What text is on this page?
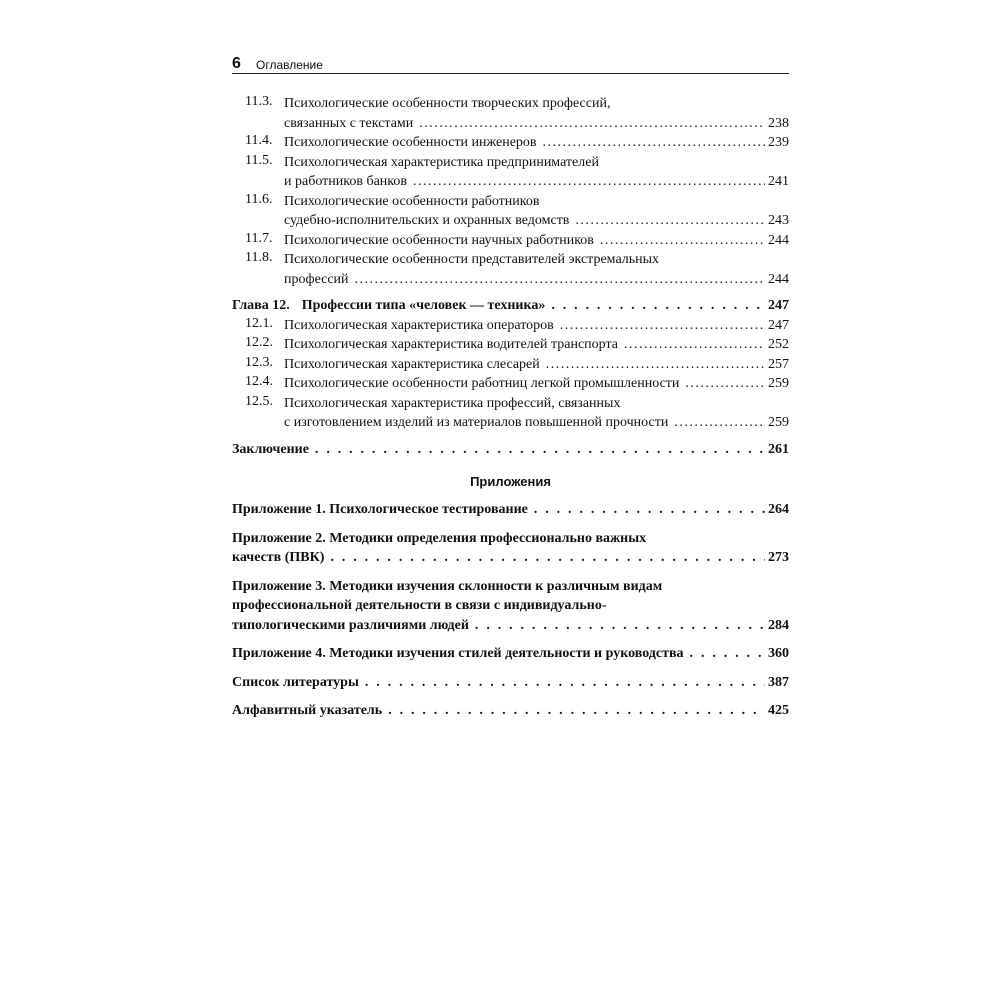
6	Оглавление
11.3. Психологические особенности творческих профессий,
связанных с текстами .....	238
11.4. Психологические особенности инженеров .....	239
11.5. Психологическая характеристика предпринимателей
и работников банков .....	241
11.6. Психологические особенности работников
судебно-исполнительских и охранных ведомств .....	243
11.7. Психологические особенности научных работников .....	244
11.8. Психологические особенности представителей экстремальных
профессий .....	244
Глава 12. Профессии типа «человек — техника» . . .	247
12.1. Психологическая характеристика операторов .....	247
12.2. Психологическая характеристика водителей транспорта .....	252
12.3. Психологическая характеристика слесарей .....	257
12.4. Психологические особенности работниц легкой промышленности .....	259
12.5. Психологическая характеристика профессий, связанных
с изготовлением изделий из материалов повышенной прочности .....	259
Заключение . . .	261
Приложения
Приложение 1. Психологическое тестирование . . .	264
Приложение 2. Методики определения профессионально важных
качеств (ПВК) . . .	273
Приложение 3. Методики изучения склонности к различным видам
профессиональной деятельности в связи с индивидуально-
типологическими различиями людей . . .	284
Приложение 4. Методики изучения стилей деятельности и руководства . . .	360
Список литературы . . .	387
Алфавитный указатель . . .	425
